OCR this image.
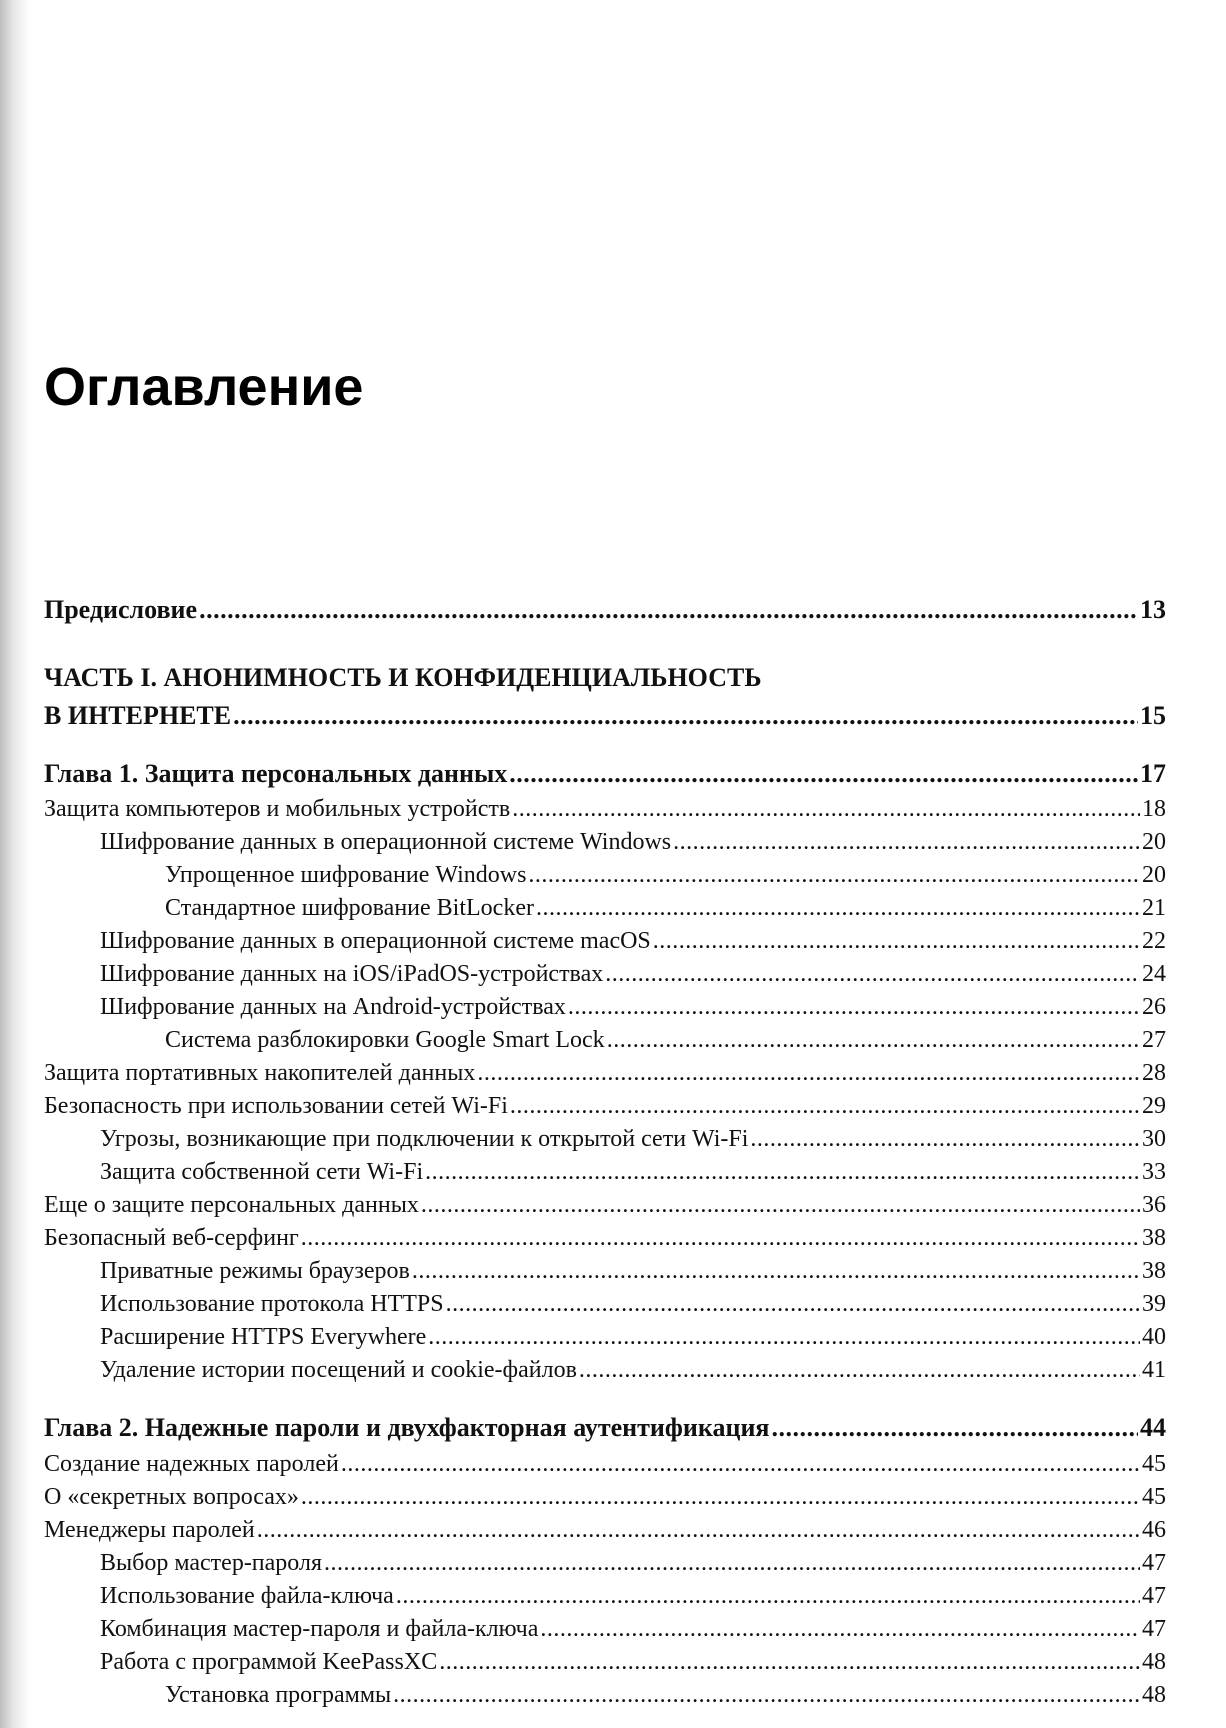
Оглавление
Предисловие .....	13
ЧАСТЬ I. АНОНИМНОСТЬ И КОНФИДЕНЦИАЛЬНОСТЬ
В ИНТЕРНЕТЕ .....	15
Глава 1. Защита персональных данных .....	17
Защита компьютеров и мобильных устройств .....	18
Шифрование данных в операционной системе Windows .....	20
Упрощенное шифрование Windows .....	20
Стандартное шифрование BitLocker .....	21
Шифрование данных в операционной системе macOS .....	22
Шифрование данных на iOS/iPadOS-устройствах .....	24
Шифрование данных на Android-устройствах .....	26
Система разблокировки Google Smart Lock .....	27
Защита портативных накопителей данных .....	28
Безопасность при использовании сетей Wi-Fi .....	29
Угрозы, возникающие при подключении к открытой сети Wi-Fi .....	30
Защита собственной сети Wi-Fi .....	33
Еще о защите персональных данных .....	36
Безопасный веб-серфинг .....	38
Приватные режимы браузеров .....	38
Использование протокола HTTPS .....	39
Расширение HTTPS Everywhere .....	40
Удаление истории посещений и cookie-файлов .....	41
Глава 2. Надежные пароли и двухфакторная аутентификация .....	44
Создание надежных паролей .....	45
О «секретных вопросах» .....	45
Менеджеры паролей .....	46
Выбор мастер-пароля .....	47
Использование файла-ключа .....	47
Комбинация мастер-пароля и файла-ключа .....	47
Работа с программой KeePassXC .....	48
Установка программы .....	48
